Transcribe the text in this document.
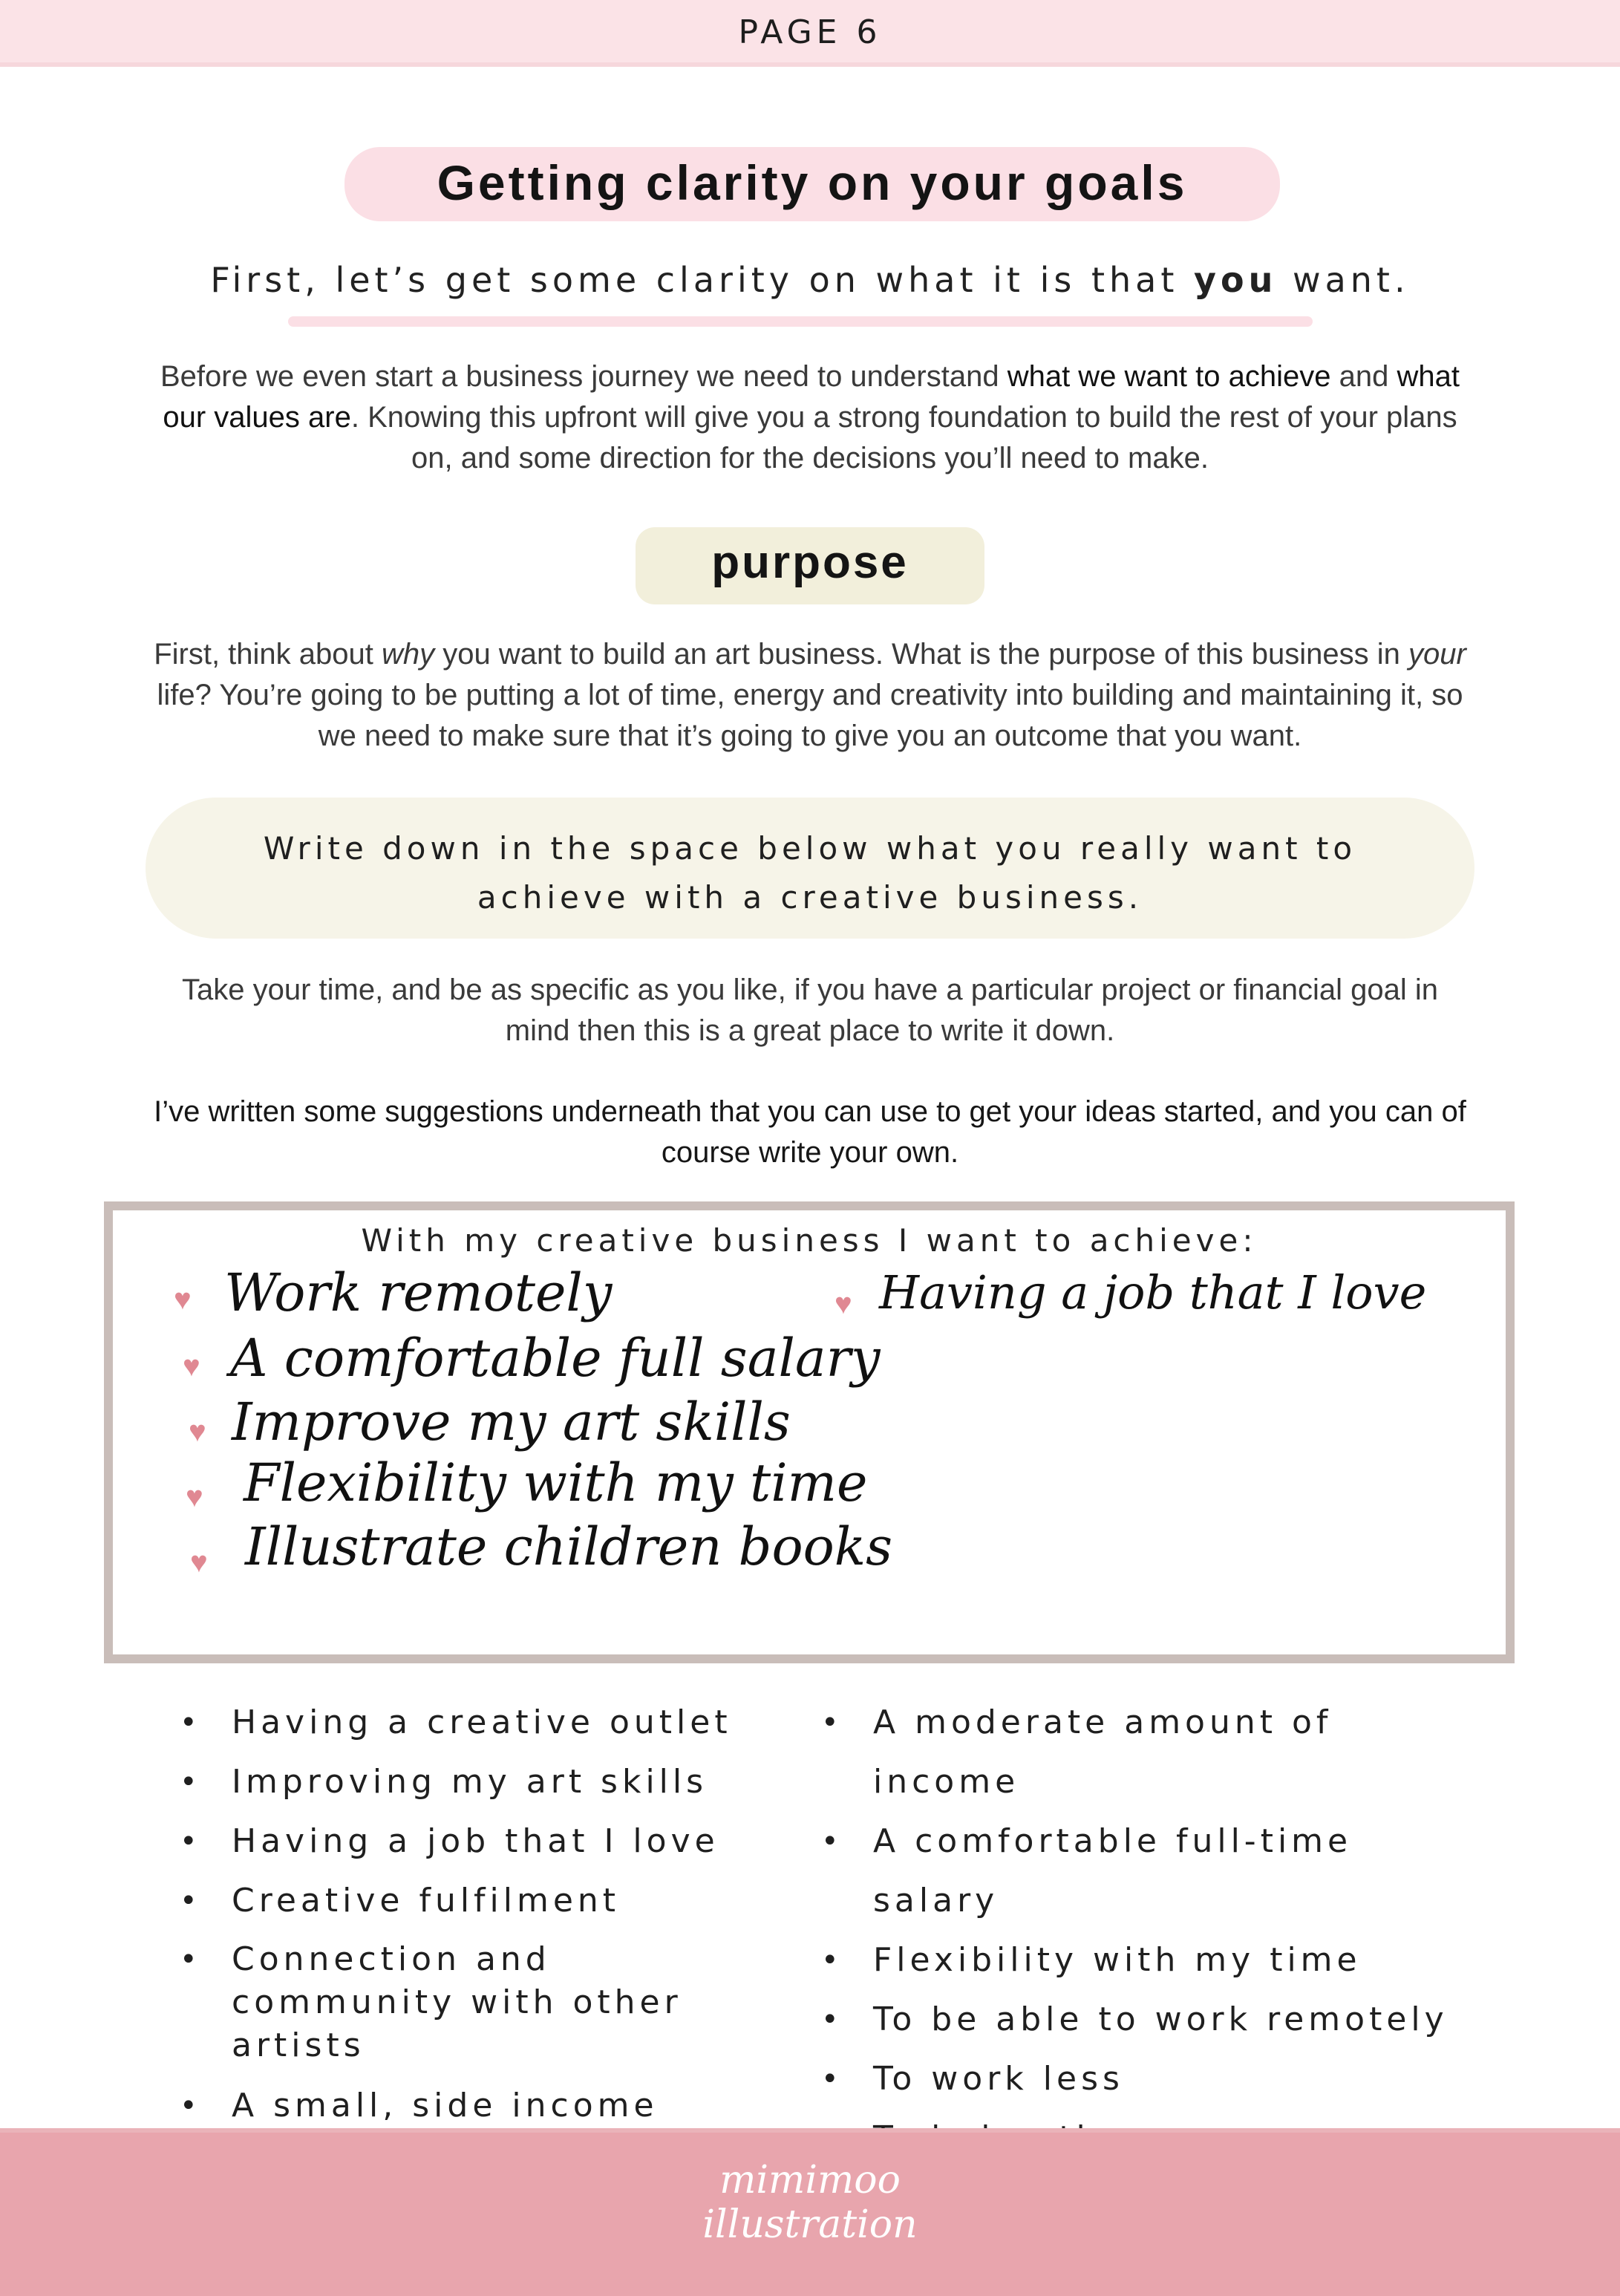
PAGE 6
Getting clarity on your goals
First, let’s get some clarity on what it is that you want.
Before we even start a business journey we need to understand what we want to achieve and what our values are. Knowing this upfront will give you a strong foundation to build the rest of your plans on, and some direction for the decisions you’ll need to make.
purpose
First, think about why you want to build an art business. What is the purpose of this business in your life? You’re going to be putting a lot of time, energy and creativity into building and maintaining it, so we need to make sure that it’s going to give you an outcome that you want.
Write down in the space below what you really want to
achieve with a creative business.
Take your time, and be as specific as you like, if you have a particular project or financial goal in mind then this is a great place to write it down.
I’ve written some suggestions underneath that you can use to get your ideas started, and you can of course write your own.
With my creative business I want to achieve:
♥
♥
♥
♥
♥
♥
Work remotely
A comfortable full salary
Improve my art skills
Flexibility with my time
Illustrate children books
Having a job that I love
• Having a creative outlet
• Improving my art skills
• Having a job that I love
• Creative fulfilment
• Connection and community with other artists
• A small, side income
• A moderate amount of income
• A comfortable full-time salary
• Flexibility with my time
• To be able to work remotely
• To work less
mimimoo
illustration
